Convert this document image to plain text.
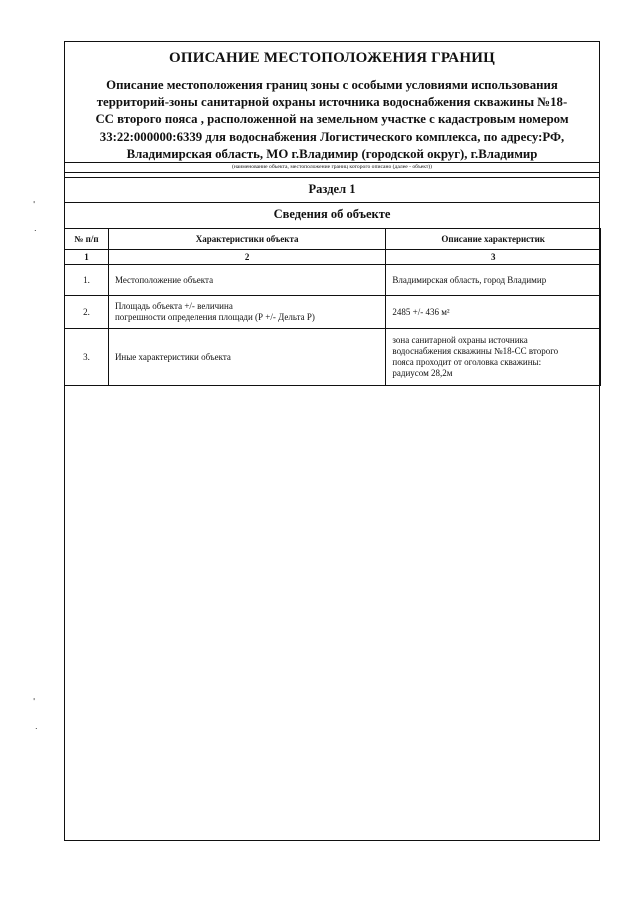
ОПИСАНИЕ МЕСТОПОЛОЖЕНИЯ ГРАНИЦ
Описание местоположения границ зоны с особыми условиями использования
территорий-зоны санитарной охраны источника водоснабжения скважины №18-
СС второго пояса , расположенной на земельном участке с кадастровым номером
33:22:000000:6339 для водоснабжения Логистического комплекса, по адресу:РФ,
Владимирская область, МО г.Владимир (городской округ), г.Владимир
(наименование объекта, местоположение границ которого описано (далее - объект))
Раздел 1
Сведения об объекте
№ п/п	Характеристики объекта	Описание характеристик
1	2	3
1.	Местоположение объекта	Владимирская область, город Владимир

2.	Площадь объекта +/- величина
погрешности определения площади (Р +/- Дельта Р)	2485 +/- 436 м²

3.	Иные характеристики объекта	зона санитарной охраны источника
водоснабжения скважины №18-СС второго
пояса проходит от оголовка скважины:
радиусом 28,2м
'
.
'
.
